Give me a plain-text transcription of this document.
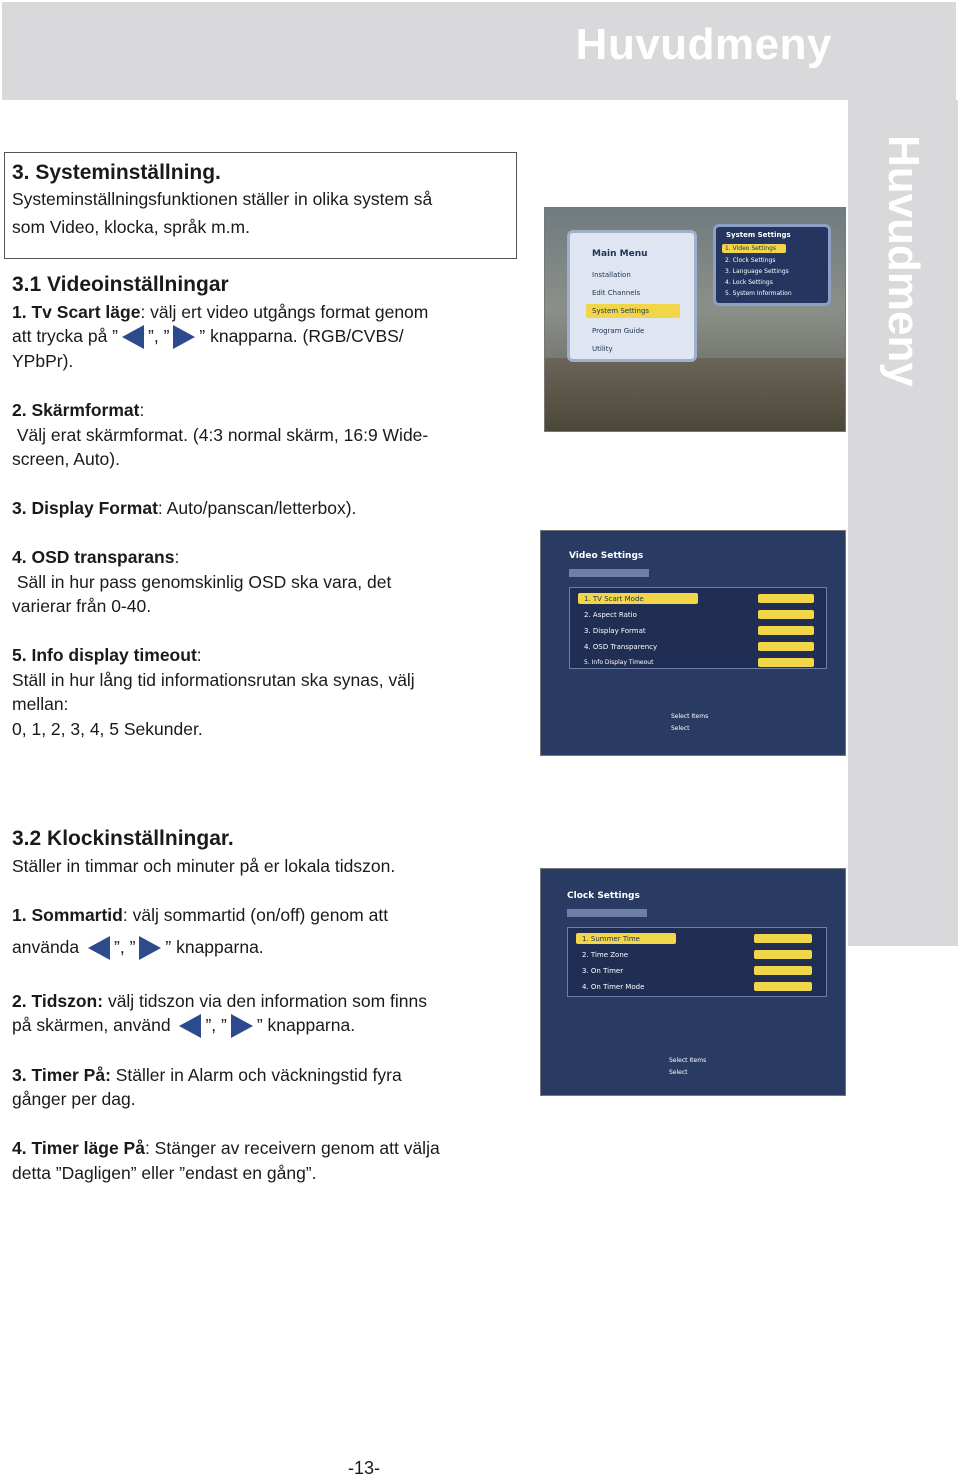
Huvudmeny
Huvudmeny
3. Systeminställning.
Systeminställningsfunktionen ställer in olika system så
som Video, klocka, språk m.m.
3.1 Videoinställningar
1. Tv Scart läge: välj ert video utgångs format genom
att trycka på ” ”, ” ” knapparna. (RGB/CVBS/
YPbPr).
2. Skärmformat:
Välj erat skärmformat. (4:3 normal skärm, 16:9 Wide-
screen, Auto).
3. Display Format: Auto/panscan/letterbox).
4. OSD transparans:
Säll in hur pass genomskinlig OSD ska vara, det
varierar från 0-40.
5. Info display timeout:
Ställ in hur lång tid informationsrutan ska synas, välj
mellan:
0, 1, 2, 3, 4, 5 Sekunder.
3.2 Klockinställningar.
Ställer in timmar och minuter på er lokala tidszon.
1. Sommartid: välj sommartid (on/off) genom att
använda ”, ” ” knapparna.
2. Tidszon: välj tidszon via den information som finns
på skärmen, använd ”, ” ” knapparna.
3. Timer På: Ställer in Alarm och väckningstid fyra
gånger per dag.
4. Timer läge På: Stänger av receivern genom att välja
detta ”Dagligen” eller ”endast en gång”.
Main Menu
Installation
Edit Channels
System Settings
Program Guide
Utility
System Settings
1. Video Settings
2. Clock Settings
3. Language Settings
4. Lock Settings
5. System Information
Video Settings
1. TV Scart Mode
2. Aspect Ratio
3. Display Format
4. OSD Transparency
5. Info Display Timeout
Select Items
Select
Clock Settings
1. Summer Time
2. Time Zone
3. On Timer
4. On Timer Mode
Select Items
Select
-13-
